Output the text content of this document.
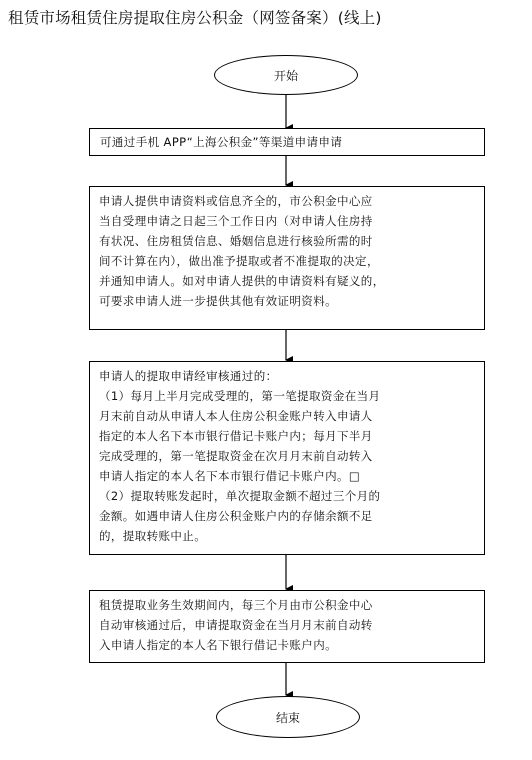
租赁市场租赁住房提取住房公积金（网签备案）(线上)
开始
可通过手机 APP“上海公积金”等渠道申请申请
申请人提供申请资料或信息齐全的，市公积金中心应
当自受理申请之日起三个工作日内（对申请人住房持
有状况、住房租赁信息、婚姻信息进行核验所需的时
间不计算在内），做出准予提取或者不准提取的决定，
并通知申请人。如对申请人提供的申请资料有疑义的，
可要求申请人进一步提供其他有效证明资料。
申请人的提取申请经审核通过的：
（1）每月上半月完成受理的，第一笔提取资金在当月
月末前自动从申请人本人住房公积金账户转入申请人
指定的本人名下本市银行借记卡账户内；每月下半月
完成受理的，第一笔提取资金在次月月末前自动转入
申请人指定的本人名下本市银行借记卡账户内。□
（2）提取转账发起时，单次提取金额不超过三个月的
金额。如遇申请人住房公积金账户内的存储余额不足
的，提取转账中止。
租赁提取业务生效期间内，每三个月由市公积金中心
自动审核通过后，申请提取资金在当月月末前自动转
入申请人指定的本人名下银行借记卡账户内。
结束
